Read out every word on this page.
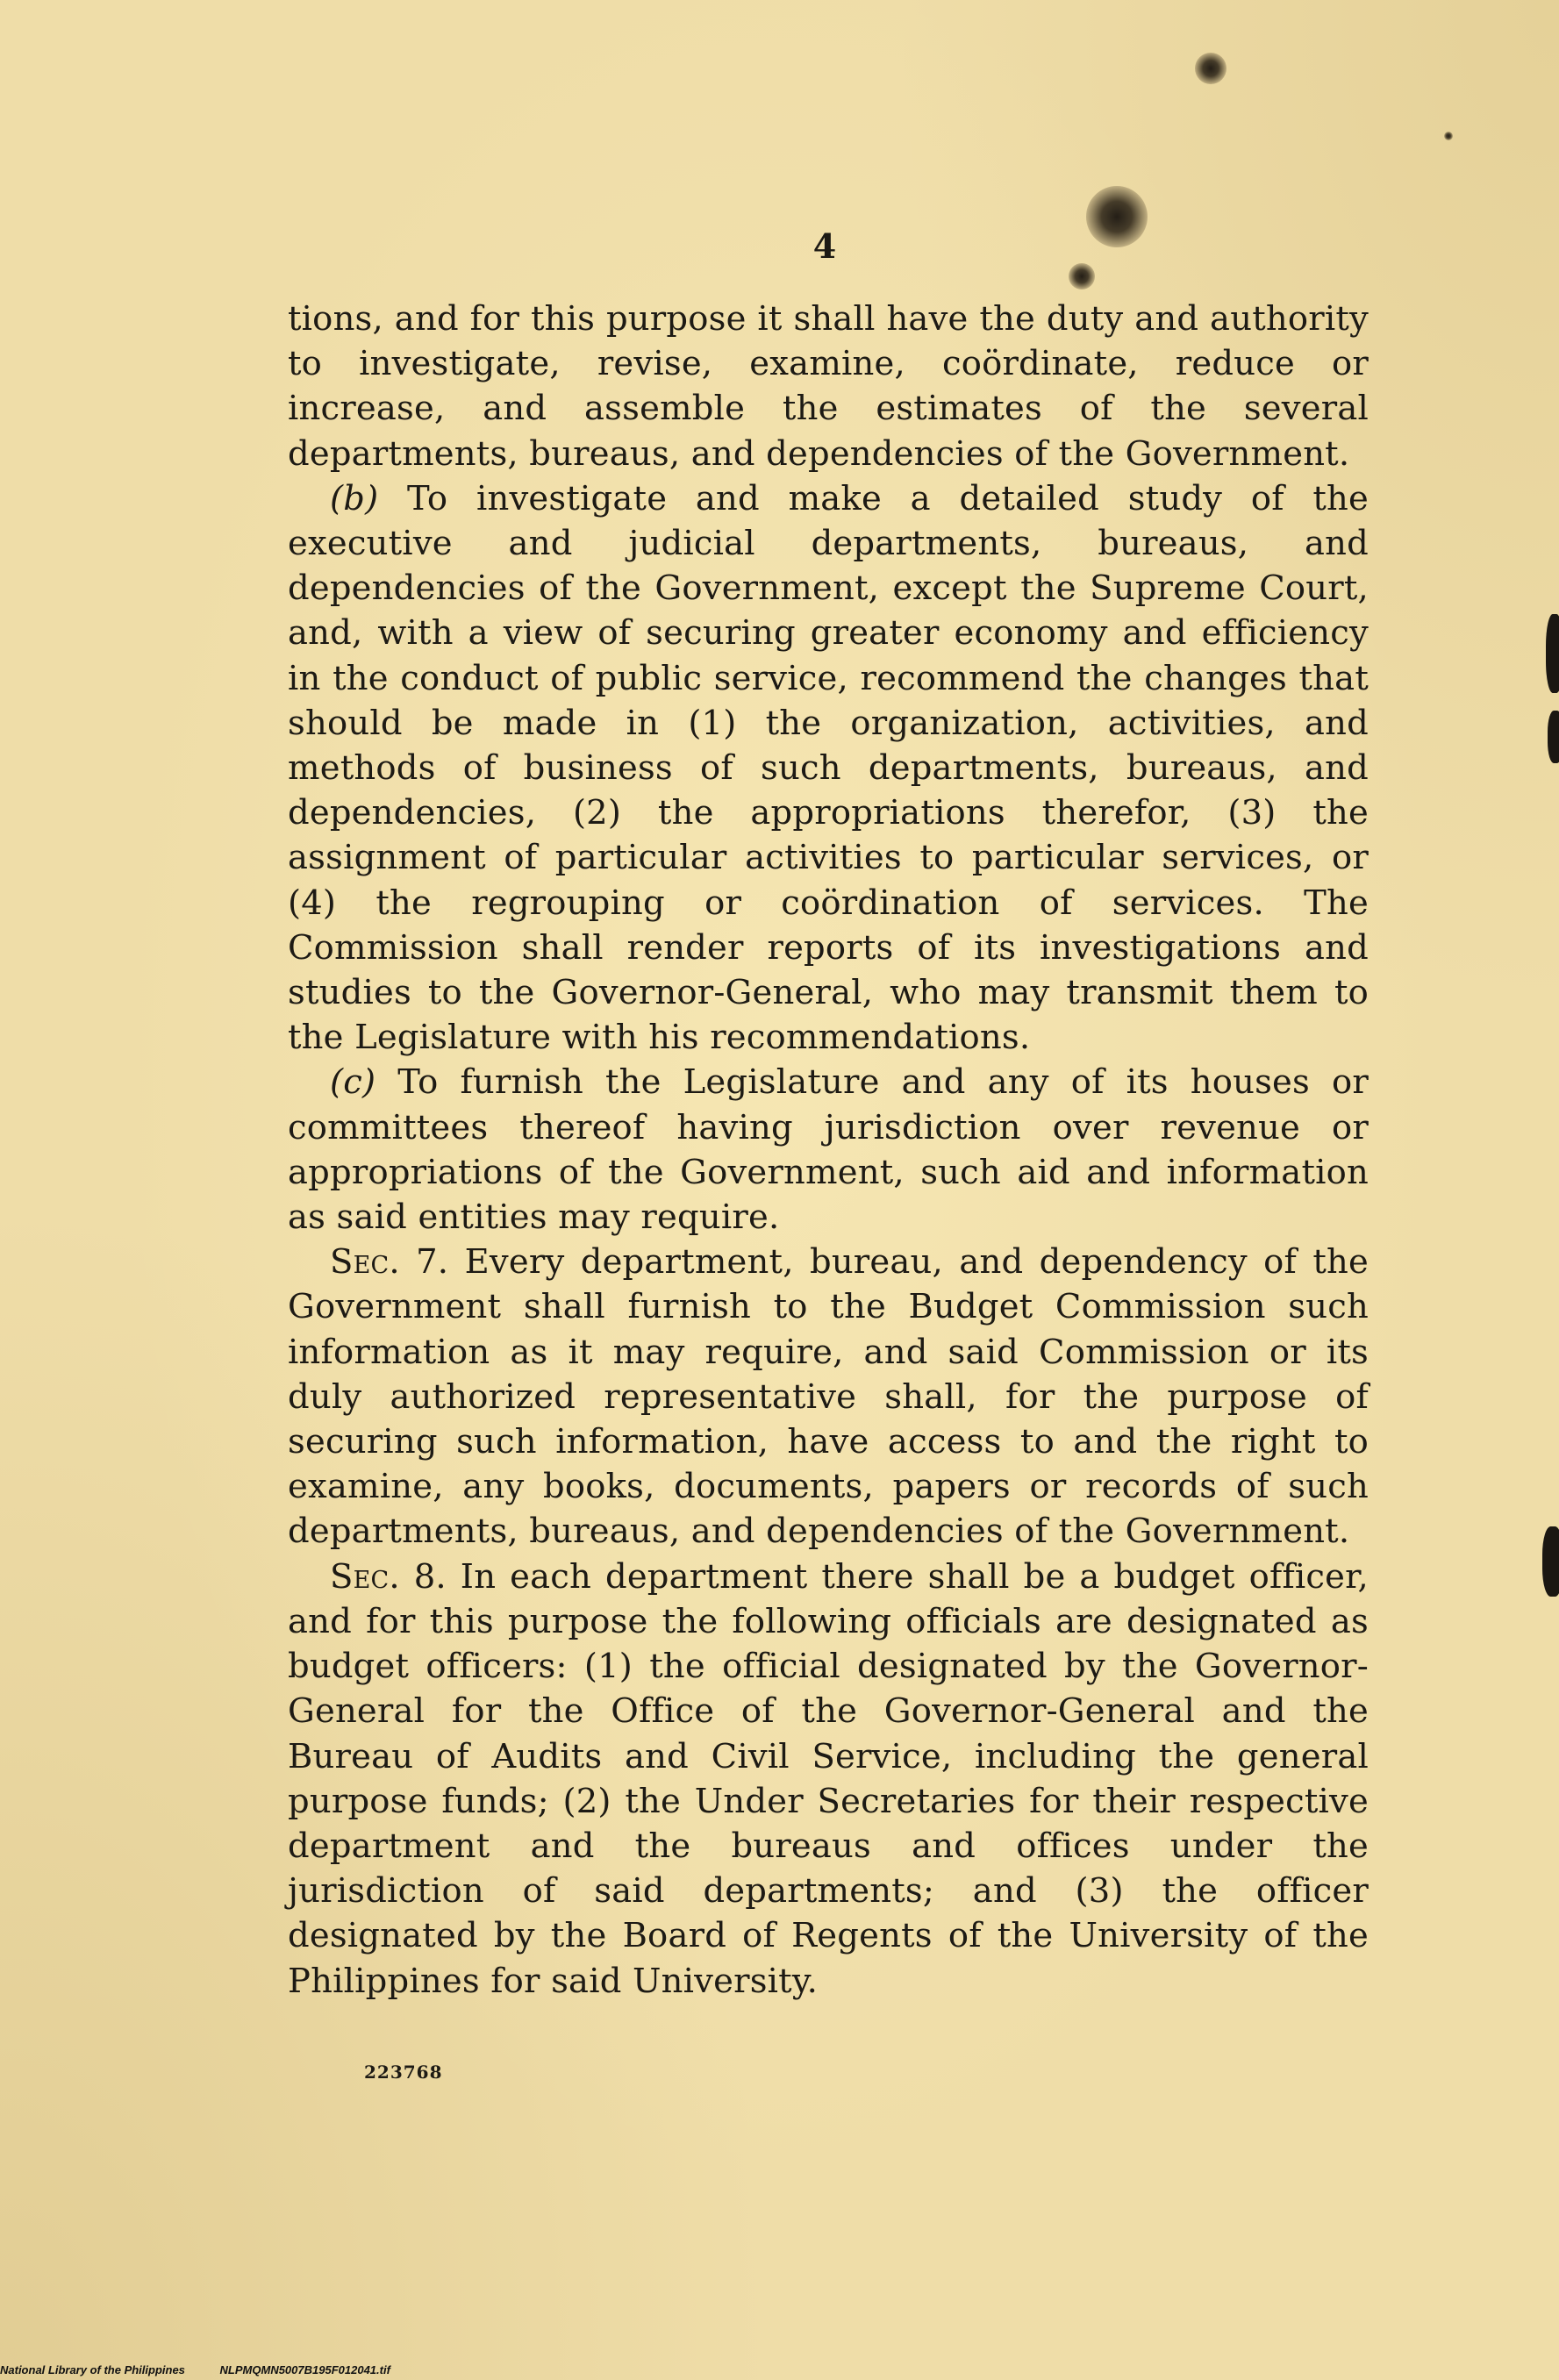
4

tions, and for this purpose it shall have the duty and authority to investigate, revise, examine, coördinate, reduce or increase, and assemble the estimates of the several departments, bureaus, and dependencies of the Government.

(b) To investigate and make a detailed study of the executive and judicial departments, bureaus, and dependencies of the Government, except the Supreme Court, and, with a view of securing greater economy and efficiency in the conduct of public service, recommend the changes that should be made in (1) the organization, activities, and methods of business of such departments, bureaus, and dependencies, (2) the appropriations therefor, (3) the assignment of particular activities to particular services, or (4) the regrouping or coördination of services. The Commission shall render reports of its investigations and studies to the Governor-General, who may transmit them to the Legislature with his recommendations.

(c) To furnish the Legislature and any of its houses or committees thereof having jurisdiction over revenue or appropriations of the Government, such aid and information as said entities may require.

Sec. 7. Every department, bureau, and dependency of the Government shall furnish to the Budget Commission such information as it may require, and said Commission or its duly authorized representative shall, for the purpose of securing such information, have access to and the right to examine, any books, documents, papers or records of such departments, bureaus, and dependencies of the Government.

Sec. 8. In each department there shall be a budget officer, and for this purpose the following officials are designated as budget officers: (1) the official designated by the Governor-General for the Office of the Governor-General and the Bureau of Audits and Civil Service, including the general purpose funds; (2) the Under Secretaries for their respective department and the bureaus and offices under the jurisdiction of said departments; and (3) the officer designated by the Board of Regents of the University of the Philippines for said University.

223768
National Library of the Philippines	NLPMQMN5007B195F012041.tif
